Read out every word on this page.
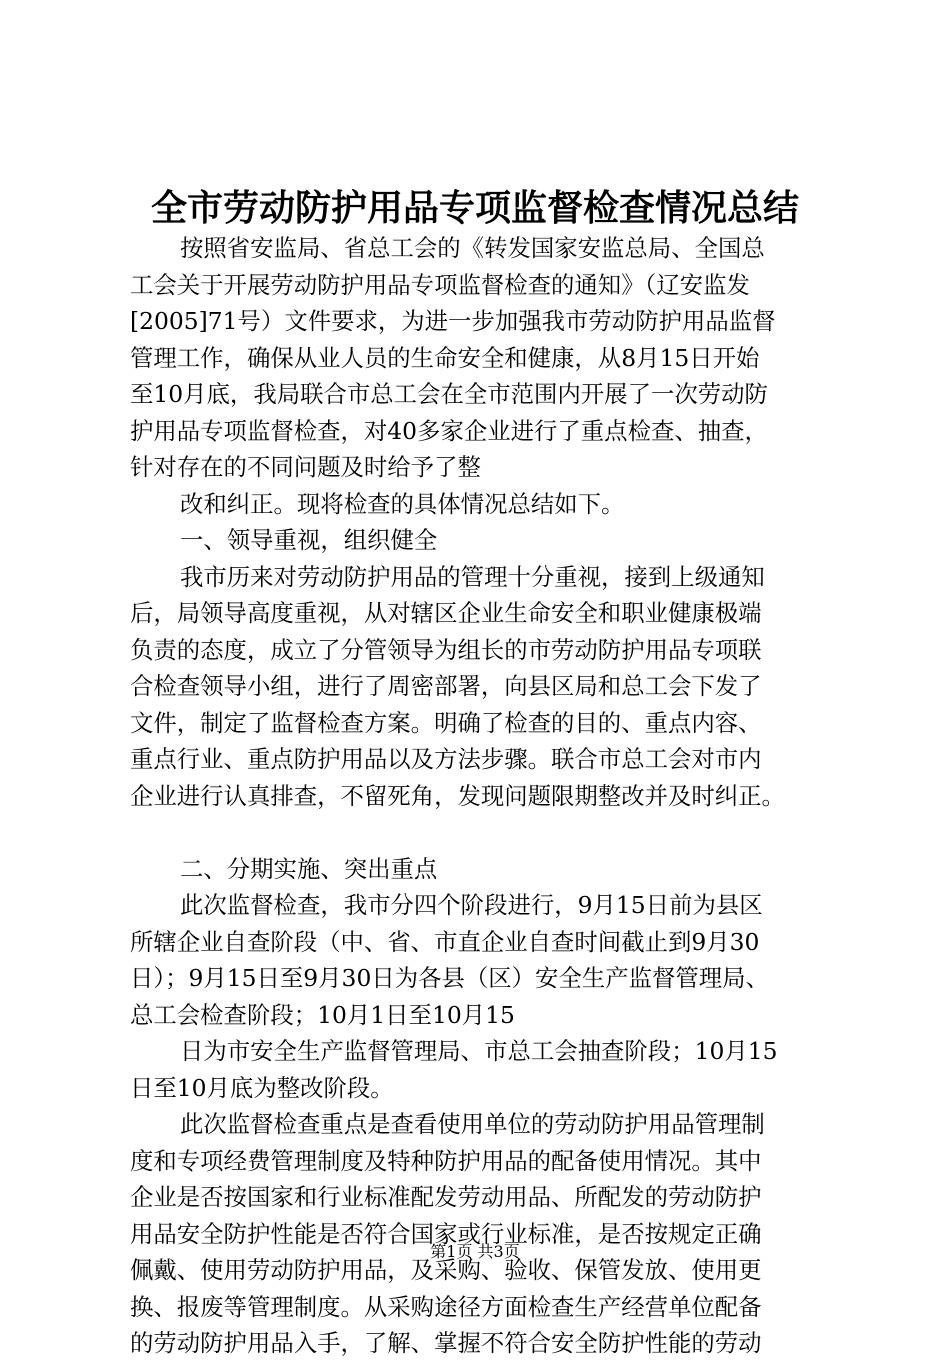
全市劳动防护用品专项监督检查情况总结
按照省安监局、省总工会的《转发国家安监总局、全国总
工会关于开展劳动防护用品专项监督检查的通知》（辽安监发
[2005]71号）文件要求，为进一步加强我市劳动防护用品监督
管理工作，确保从业人员的生命安全和健康，从8月15日开始
至10月底，我局联合市总工会在全市范围内开展了一次劳动防
护用品专项监督检查，对40多家企业进行了重点检查、抽查，
针对存在的不同问题及时给予了整
改和纠正。现将检查的具体情况总结如下。
一、领导重视，组织健全
我市历来对劳动防护用品的管理十分重视，接到上级通知
后，局领导高度重视，从对辖区企业生命安全和职业健康极端
负责的态度，成立了分管领导为组长的市劳动防护用品专项联
合检查领导小组，进行了周密部署，向县区局和总工会下发了
文件，制定了监督检查方案。明确了检查的目的、重点内容、
重点行业、重点防护用品以及方法步骤。联合市总工会对市内
企业进行认真排查，不留死角，发现问题限期整改并及时纠正。
二、分期实施、突出重点
此次监督检查，我市分四个阶段进行，9月15日前为县区
所辖企业自查阶段（中、省、市直企业自查时间截止到9月30
日）；9月15日至9月30日为各县（区）安全生产监督管理局、
总工会检查阶段；10月1日至10月15
日为市安全生产监督管理局、市总工会抽查阶段；10月15
日至10月底为整改阶段。
此次监督检查重点是查看使用单位的劳动防护用品管理制
度和专项经费管理制度及特种防护用品的配备使用情况。其中
企业是否按国家和行业标准配发劳动用品、所配发的劳动防护
用品安全防护性能是否符合国家或行业标准，是否按规定正确
佩戴、使用劳动防护用品，及采购、验收、保管发放、使用更
换、报废等管理制度。从采购途径方面检查生产经营单位配备
的劳动防护用品入手，了解、掌握不符合安全防护性能的劳动
第1页 共3页
